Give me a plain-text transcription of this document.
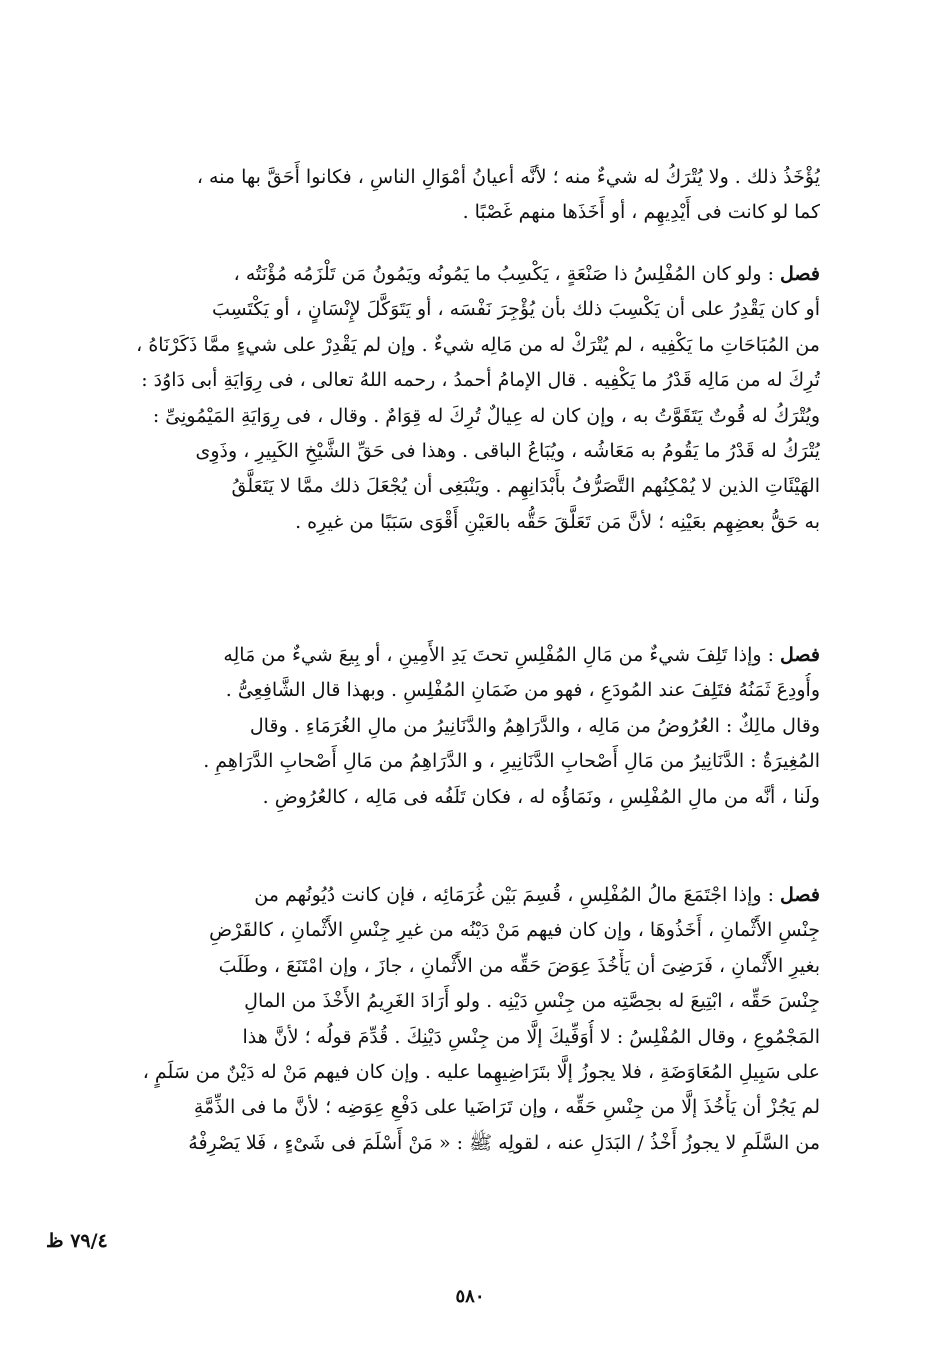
يُؤْخَذُ ذلك . ولا يُتْرَكُ له شيءٌ منه ؛ لأنَّه أعيانُ أمْوَالِ الناسِ ، فكانوا أَحَقَّ بها منه ،
كما لو كانت فى أَيْدِيهِم ، أو أَخَذَها منهم غَصْبًا .
فصل : ولو كان المُفْلِسُ ذا صَنْعَةٍ ، يَكْسِبُ ما يَمُونُه ويَمُونُ مَن تَلْزَمُه مُؤْنَتُه ،
أو كان يَقْدِرُ على أن يَكْسِبَ ذلك بأن يُؤْجِرَ نَفْسَه ، أو يَتَوَكَّلَ لإِنْسَانٍ ، أو يَكْتَسِبَ
من المُبَاحَاتِ ما يَكْفِيه ، لم يُتْرَكْ له من مَالِه شيءٌ . وإن لم يَقْدِرْ على شيءٍ ممَّا ذَكَرْنَاهُ ،
تُرِكَ له من مَالِه قَدْرُ ما يَكْفِيه . قال الإمامُ أحمدُ ، رحمه اللهُ تعالى ، فى رِوَايَةِ أبى دَاوُدَ :
ويُتْرَكُ له قُوتٌ يَتَقَوَّتُ به ، وإن كان له عِيالٌ تُرِكَ له قِوَامٌ . وقال ، فى رِوَايَةِ المَيْمُونِىِّ :
يُتْرَكُ له قَدْرُ ما يَقُومُ به مَعَاشُه ، ويُبَاعُ الباقى . وهذا فى حَقِّ الشَّيْخِ الكَبِيرِ ، وذَوِى
الهَيْئَاتِ الذين لا يُمْكِنُهم التَّصَرُّفُ بأَبْدَانِهِم . ويَنْبَغِى أن يُجْعَلَ ذلك ممَّا لا يَتَعَلَّقُ
به حَقُّ بعضِهِم بعَيْنِه ؛ لأنَّ مَن تَعَلَّقَ حَقُّه بالعَيْنِ أَقْوَى سَبَبًا من غيرِه .
فصل : وإذا تَلِفَ شيءٌ من مَالِ المُفْلِسِ تحتَ يَدِ الأَمِينِ ، أو بِيعَ شيءٌ من مَالِه
وأُودِعَ ثَمَنُهُ فتَلِفَ عند المُودَعِ ، فهو من ضَمَانِ المُفْلِسِ . وبهذا قال الشَّافِعِىُّ .
وقال مالِكٌ : العُرُوضُ من مَالِه ، والدَّرَاهِمُ والدَّنَانِيرُ من مالِ الغُرَمَاءِ . وقال
المُغِيرَةُ : الدَّنَانِيرُ من مَالِ أَصْحابِ الدَّنَانِيرِ ، و الدَّرَاهِمُ من مَالِ أَصْحابِ الدَّرَاهِمِ .
ولَنا ، أنَّه من مالِ المُفْلِسِ ، ونَمَاؤُه له ، فكان تَلَفُه فى مَالِه ، كالعُرُوضِ .
فصل : وإذا اجْتَمَعَ مالُ المُفْلِسِ ، قُسِمَ بَيْن غُرَمَائِه ، فإن كانت دُيُونُهم من
جِنْسِ الأَثْمانِ ، أَخَذُوهَا ، وإن كان فيهم مَنْ دَيْنُه من غيرِ جِنْسِ الأَثْمانِ ، كالقَرْضِ
بغيرِ الأَثْمانِ ، فَرَضِىَ أن يَأْخُذَ عِوَضَ حَقِّه من الأَثْمانِ ، جازَ ، وإن امْتَنَعَ ، وطَلَبَ
جِنْسَ حَقِّه ، ابْتِيعَ له بحِصَّتِه من جِنْسِ دَيْنِه . ولو أَرَادَ الغَرِيمُ الأَخْذَ من المالِ
المَجْمُوعِ ، وقال المُفْلِسُ : لا أُوَفِّيكَ إلَّا من جِنْسِ دَيْنِكَ . قُدِّمَ قولُه ؛ لأنَّ هذا
على سَبِيلِ المُعَاوَضَةِ ، فلا يجوزُ إلَّا بتَرَاضِيهِما عليه . وإن كان فيهم مَنْ له دَيْنٌ من سَلَمٍ ،
لم يَجُزْ أن يَأْخُذَ إلَّا من جِنْسِ حَقِّه ، وإن تَرَاضَيا على دَفْعِ عِوَضِه ؛ لأنَّ ما فى الذِّمَّةِ
من السَّلَمِ لا يجوزُ أَخْذُ / البَدَلِ عنه ، لقولِه ﷺ : « مَنْ أَسْلَمَ فى شَىْءٍ ، فَلا يَصْرِفْهُ
٧٩/٤ ظ
٥٨٠
